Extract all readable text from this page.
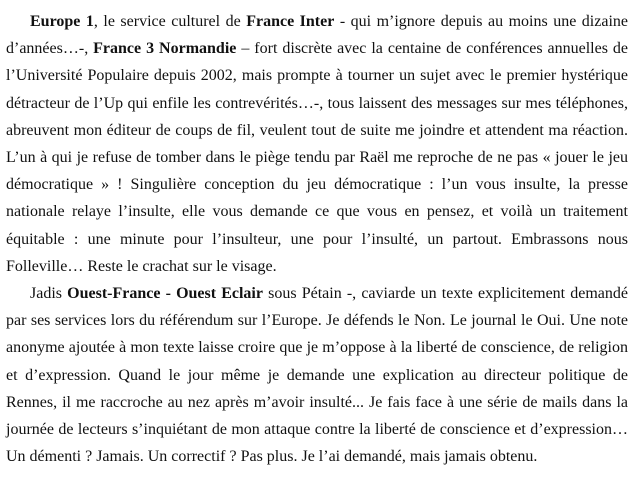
Europe 1, le service culturel de France Inter - qui m’ignore depuis au moins une dizaine d’années…-, France 3 Normandie – fort discrète avec la centaine de conférences annuelles de l’Université Populaire depuis 2002, mais prompte à tourner un sujet avec le premier hystérique détracteur de l’Up qui enfile les contrevérités…-, tous laissent des messages sur mes téléphones, abreuvent mon éditeur de coups de fil, veulent tout de suite me joindre et attendent ma réaction. L’un à qui je refuse de tomber dans le piège tendu par Raël me reproche de ne pas « jouer le jeu démocratique » ! Singulière conception du jeu démocratique : l’un vous insulte, la presse nationale relaye l’insulte, elle vous demande ce que vous en pensez, et voilà un traitement équitable : une minute pour l’insulteur, une pour l’insulté, un partout. Embrassons nous Folleville… Reste le crachat sur le visage.

Jadis Ouest-France - Ouest Eclair sous Pétain -, caviarde un texte explicitement demandé par ses services lors du référendum sur l’Europe. Je défends le Non. Le journal le Oui. Une note anonyme ajoutée à mon texte laisse croire que je m’oppose à la liberté de conscience, de religion et d’expression. Quand le jour même je demande une explication au directeur politique de Rennes, il me raccroche au nez après m’avoir insulté... Je fais face à une série de mails dans la journée de lecteurs s’inquiétant de mon attaque contre la liberté de conscience et d’expression… Un démenti ? Jamais. Un correctif ? Pas plus. Je l’ai demandé, mais jamais obtenu.
